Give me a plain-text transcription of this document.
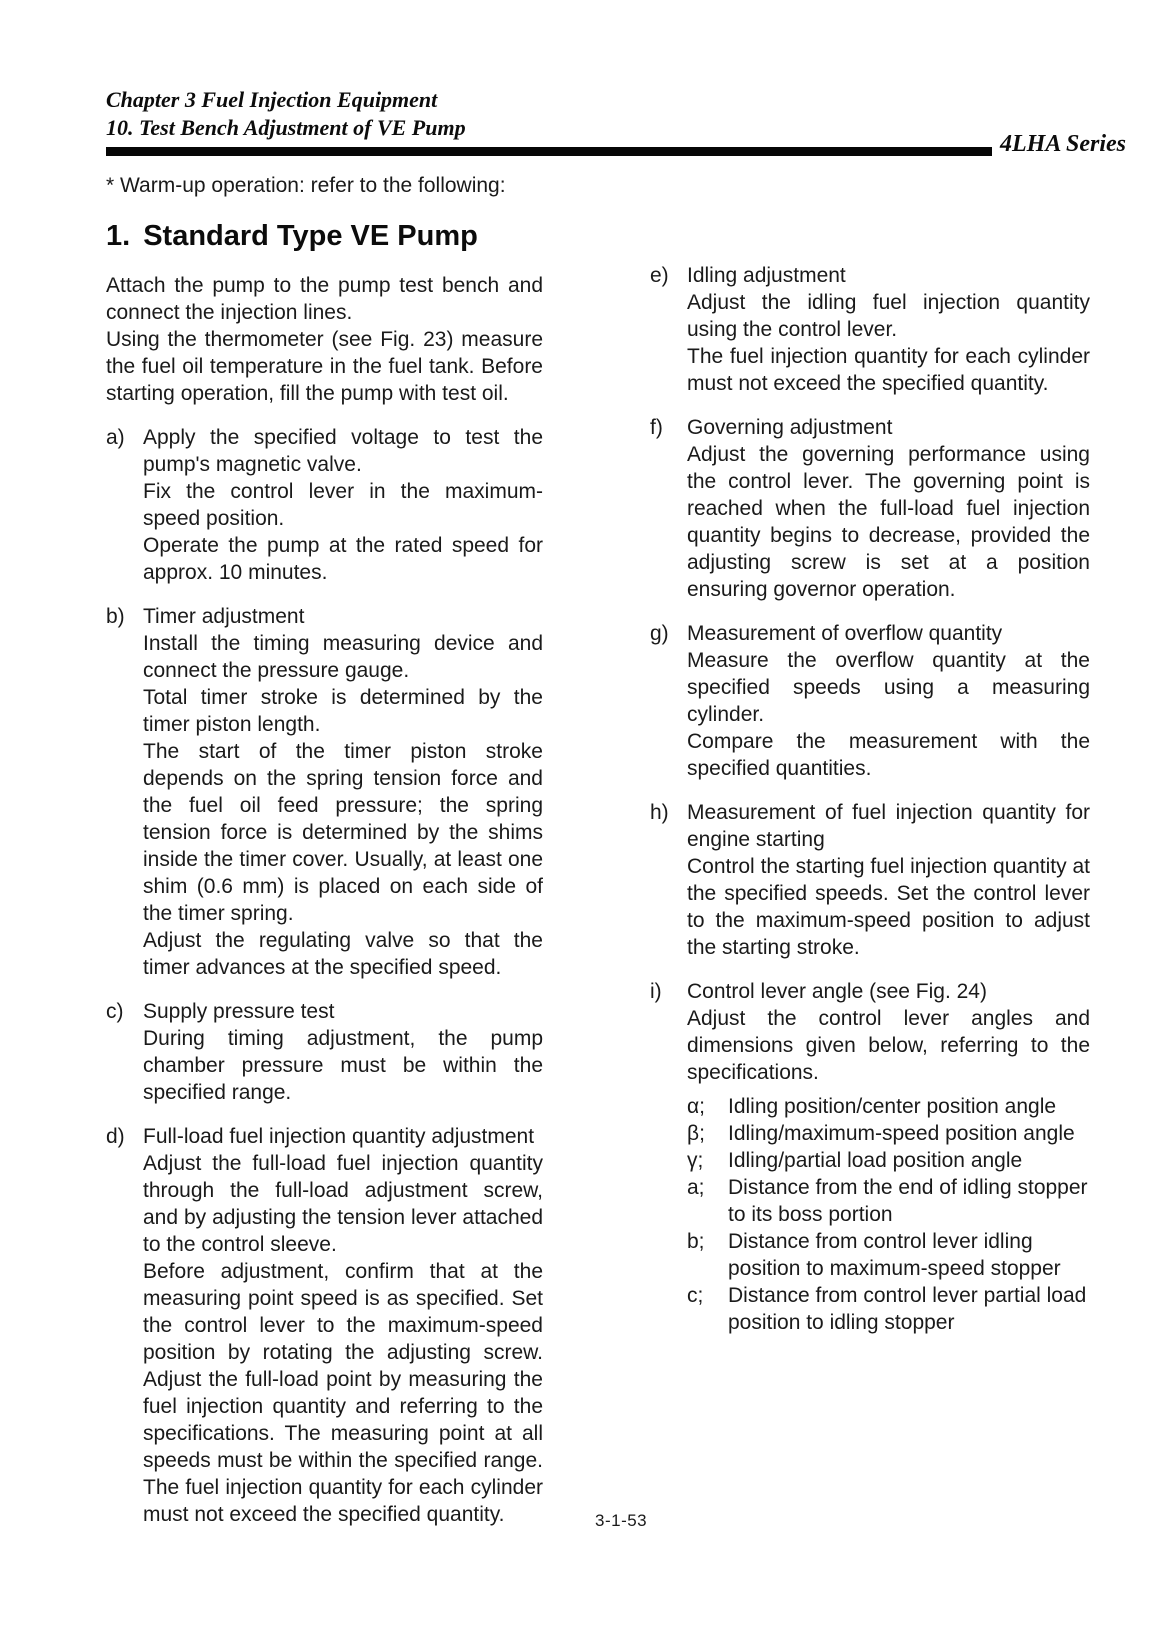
Chapter 3 Fuel Injection Equipment
10. Test Bench Adjustment of VE Pump
4LHA Series
* Warm-up operation: refer to the following:
1. Standard Type VE Pump

Attach the pump to the pump test bench and connect the injection lines.

Using the thermometer (see Fig. 23) measure the fuel oil temperature in the fuel tank. Before starting operation, fill the pump with test oil.

a) Apply the specified voltage to test the pump's magnetic valve.

Fix the control lever in the maximum-speed position.

Operate the pump at the rated speed for approx. 10 minutes.

b) Timer adjustment

Install the timing measuring device and connect the pressure gauge.

Total timer stroke is determined by the timer piston length.

The start of the timer piston stroke depends on the spring tension force and the fuel oil feed pressure; the spring tension force is determined by the shims inside the timer cover. Usually, at least one shim (0.6 mm) is placed on each side of the timer spring.

Adjust the regulating valve so that the timer advances at the specified speed.

c) Supply pressure test

During timing adjustment, the pump chamber pressure must be within the specified range.

d) Full-load fuel injection quantity adjustment

Adjust the full-load fuel injection quantity through the full-load adjustment screw, and by adjusting the tension lever attached to the control sleeve.

Before adjustment, confirm that at the measuring point speed is as specified. Set the control lever to the maximum-speed position by rotating the adjusting screw. Adjust the full-load point by measuring the fuel injection quantity and referring to the specifications. The measuring point at all speeds must be within the specified range. The fuel injection quantity for each cylinder must not exceed the specified quantity.

e) Idling adjustment

Adjust the idling fuel injection quantity using the control lever.

The fuel injection quantity for each cylinder must not exceed the specified quantity.

f)	Governing adjustment

Adjust the governing performance using the control lever. The governing point is reached when the full-load fuel injection quantity begins to decrease, provided the adjusting screw is set at a position ensuring governor operation.

g) Measurement of overflow quantity

Measure the overflow quantity at the specified speeds using a measuring cylinder.

Compare the measurement with the specified quantities.

h) Measurement of fuel injection quantity for engine starting

Control the starting fuel injection quantity at the specified speeds. Set the control lever to the maximum-speed position to adjust the starting stroke.

i)	Control lever angle (see Fig. 24)

Adjust the control lever angles and dimensions given below, referring to the specifications.

α;	Idling position/center position angle
β;	Idling/maximum-speed position angle
γ;	Idling/partial load position angle
a;	Distance from the end of idling stopper to its boss portion
b;	Distance from control lever idling position to maximum-speed stopper
c;	Distance from control lever partial load position to idling stopper
3-1-53
